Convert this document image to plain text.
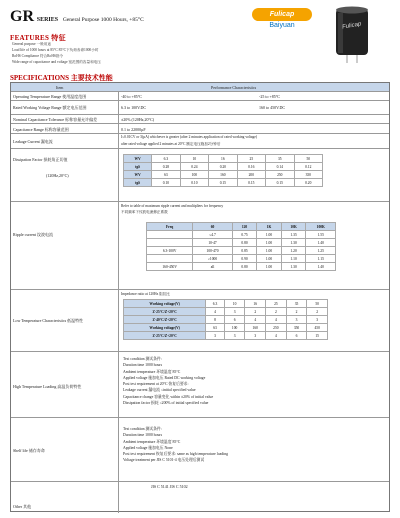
GR SERIES General Purpose 1000 Hours, +85°C
FEATURES 特征
General purpose 一般用途
Load life of 1000 hours at 85°C 85°C下负荷寿命1000小时
RoHS Compliance 符合RoHS指令
Wide range of capacitance and voltage 宽范围的容量和电压
Fulicap
Baiyuan	Fulicap
SPECIFICATIONS 主要技术性能
Item	Performance Characteristics
Operating Temperature Range 使用温度范围	-40 to +85°C	-25 to +85°C
Rated Working Voltage Range 额定电压范围	6.3 to 100V.DC	160 to 450V.DC
Nominal Capacitance Tolerance 标称容量允许偏差	±20% (120Hz,20°C)
Capacitance Range 标称容量范围	0.1 to 22000µF
Leakage Current 漏电流
I≤0.01CV or 3(µA) whichever is greater (after 2 minutes application of rated working voltage)
after rated voltage applied 2 minutes at 20°C 额定电压施加2分钟后
Dissipation Factor 损耗角正切值
(120Hz,20°C)
WV	6.3	10	16	25	35	50
tgδ	0.28	0.24	0.20	0.16	0.14	0.12
WV	63	100	160	200	250	350
tgδ	0.10	0.10	0.15	0.15	0.15	0.20
Ripple current 纹波电流
Refer to table of maximum ripple current and multipliers for frequency
不同频率下纹波电流修正系数
Freq	60	120	1K	10K	100K
	≤4.7	0.75	1.00	1.35	1.55
	10-47	0.80	1.00	1.30	1.40
6.3-100V	100-470	0.85	1.00	1.20	1.25
	≥1000	0.90	1.00	1.10	1.15
160-450V	all	0.80	1.00	1.30	1.40
Low Temperature Characteristics 低温特性
Impedance ratio at 120Hz 阻抗比
Working voltage(V)	6.3	10	16	25	35	50
Z-25°C/Z+20°C	4	3	2	2	2	2
Z-40°C/Z+20°C	8	6	4	4	3	3
Working voltage(V)	63	100	160	250	350	450
Z-25°C/Z+20°C	3	3	3	4	6	15
High Temperature Loading 高温负荷特性
Test condition 测试条件:
Duration time 1000 hours
Ambient temperature 环境温度 85°C
Applied voltage 施加电压 Rated DC working voltage
Post test requirement at 20°C 恢复后要求:
Leakage current 漏电流 ≤initial specified value
Capacitance change 容量变化 within ±20% of initial value
Dissipation factor 损耗 ≤200% of initial specified value
Shelf life 储存寿命
Test condition 测试条件:
Duration time 1000 hours
Ambient temperature 环境温度 85°C
Applied voltage 施加电压 None
Post test requirement 恢复后要求: same as high temperature loading
Voltage treatment per JIS C 5101-4 电压处理后测试
Other 其他
JIS C 5141 JIS C 5102
